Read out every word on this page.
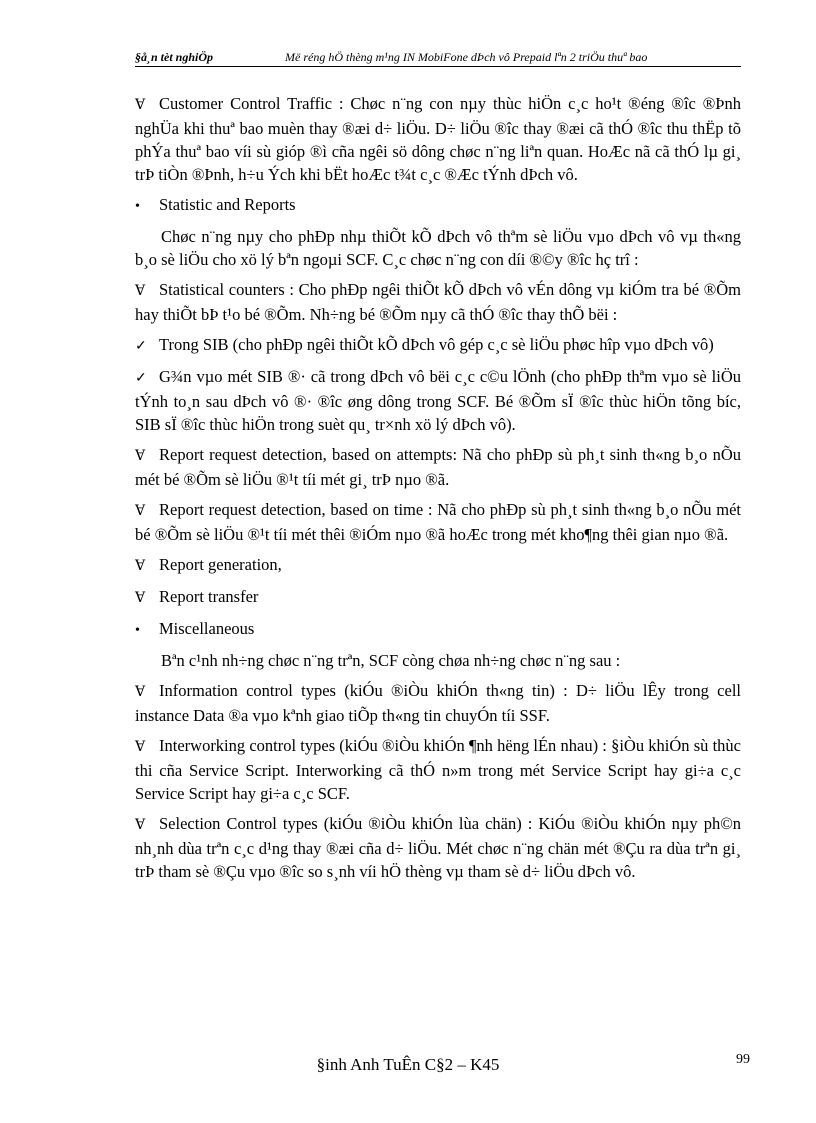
§å¸n tèt nghiÖp	Më réng hÖ thèng m¹ng IN MobiFone dÞch vô Prepaid lªn 2 triÖu thuª bao

Ɐ Customer Control Traffic : Chøc n¨ng con nµy thùc hiÖn c¸c ho¹t ®éng ®îc ®Þnh nghÜa khi thuª bao muèn thay ®æi d÷ liÖu. D÷ liÖu ®îc thay ®æi cã thÓ ®îc thu thËp tõ phÝa thuª bao víi sù gióp ®ì cña ngêi sö dông chøc n¨ng liªn quan. HoÆc nã cã thÓ lµ gi¸ trÞ tiÒn ®Þnh, h÷u Ých khi bËt hoÆc t¾t c¸c ®Æc tÝnh dÞch vô.

• Statistic and Reports

Chøc n¨ng nµy cho phÐp nhµ thiÕt kÕ dÞch vô thªm sè liÖu vµo dÞch vô vµ th«ng b¸o sè liÖu cho xö lý bªn ngoµi SCF. C¸c chøc n¨ng con díi ®©y ®îc hç trî :

Ɐ Statistical counters : Cho phÐp ngêi thiÕt kÕ dÞch vô vÉn dông vµ kiÓm tra bé ®Õm hay thiÕt bÞ t¹o bé ®Õm. Nh÷ng bé ®Õm nµy cã thÓ ®îc thay thÕ bëi :

✓ Trong SIB (cho phÐp ngêi thiÕt kÕ dÞch vô gép c¸c sè liÖu phøc hîp vµo dÞch vô)

✓ G¾n vµo mét SIB ®· cã trong dÞch vô bëi c¸c c©u lÖnh (cho phÐp thªm vµo sè liÖu tÝnh to¸n sau dÞch vô ®· ®îc øng dông trong SCF. Bé ®Õm sÏ ®îc thùc hiÖn tõng bíc, SIB sÏ ®îc thùc hiÖn trong suèt qu¸ tr×nh xö lý dÞch vô).

Ɐ Report request detection, based on attempts: Nã cho phÐp sù ph¸t sinh th«ng b¸o nÕu mét bé ®Õm sè liÖu ®¹t tíi mét gi¸ trÞ nµo ®ã.

Ɐ Report request detection, based on time : Nã cho phÐp sù ph¸t sinh th«ng b¸o nÕu mét bé ®Õm sè liÖu ®¹t tíi mét thêi ®iÓm nµo ®ã hoÆc trong mét kho¶ng thêi gian nµo ®ã.

Ɐ Report generation,

Ɐ Report transfer

• Miscellaneous

Bªn c¹nh nh÷ng chøc n¨ng trªn, SCF còng chøa nh÷ng chøc n¨ng sau :

Ɐ Information control types (kiÓu ®iÒu khiÓn th«ng tin) : D÷ liÖu lÊy trong cell instance Data ®a vµo kªnh giao tiÕp th«ng tin chuyÓn tíi SSF.

Ɐ Interworking control types (kiÓu ®iÒu khiÓn ¶nh hëng lÉn nhau) : §iÒu khiÓn sù thùc thi cña Service Script. Interworking cã thÓ n»m trong mét Service Script hay gi÷a c¸c Service Script hay gi÷a c¸c SCF.

Ɐ Selection Control types (kiÓu ®iÒu khiÓn lùa chän) : KiÓu ®iÒu khiÓn nµy ph©n nh¸nh dùa trªn c¸c d¹ng thay ®æi cña d÷ liÖu. Mét chøc n¨ng chän mét ®Çu ra dùa trªn gi¸ trÞ tham sè ®Çu vµo ®îc so s¸nh víi hÖ thèng vµ tham sè d÷ liÖu dÞch vô.

§inh Anh TuÊn C§2 – K45	99
